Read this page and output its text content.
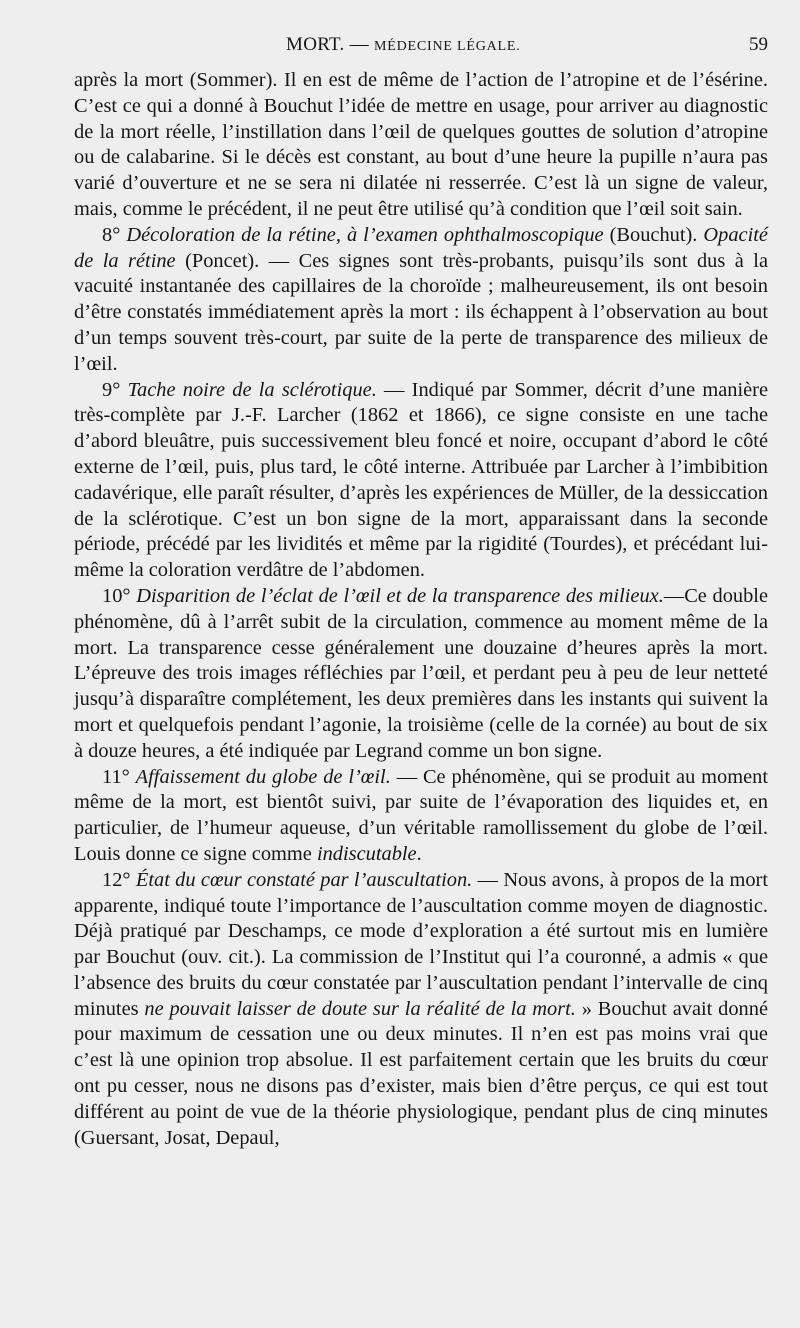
MORT. — MÉDECINE LÉGALE.	59

après la mort (Sommer). Il en est de même de l’action de l’atropine et de l’ésérine. C’est ce qui a donné à Bouchut l’idée de mettre en usage, pour arriver au diagnostic de la mort réelle, l’instillation dans l’œil de quelques gouttes de solution d’atropine ou de calabarine. Si le décès est constant, au bout d’une heure la pupille n’aura pas varié d’ouverture et ne se sera ni dilatée ni resserrée. C’est là un signe de valeur, mais, comme le précédent, il ne peut être utilisé qu’à condition que l’œil soit sain.

8° Décoloration de la rétine, à l’examen ophthalmoscopique (Bouchut). Opacité de la rétine (Poncet). — Ces signes sont très-probants, puisqu’ils sont dus à la vacuité instantanée des capillaires de la choroïde ; malheureusement, ils ont besoin d’être constatés immédiatement après la mort : ils échappent à l’observation au bout d’un temps souvent très-court, par suite de la perte de transparence des milieux de l’œil.

9° Tache noire de la sclérotique. — Indiqué par Sommer, décrit d’une manière très-complète par J.-F. Larcher (1862 et 1866), ce signe consiste en une tache d’abord bleuâtre, puis successivement bleu foncé et noire, occupant d’abord le côté externe de l’œil, puis, plus tard, le côté interne. Attribuée par Larcher à l’imbibition cadavérique, elle paraît résulter, d’après les expériences de Müller, de la dessiccation de la sclérotique. C’est un bon signe de la mort, apparaissant dans la seconde période, précédé par les lividités et même par la rigidité (Tourdes), et précédant lui-même la coloration verdâtre de l’abdomen.

10° Disparition de l’éclat de l’œil et de la transparence des milieux.—Ce double phénomène, dû à l’arrêt subit de la circulation, commence au moment même de la mort. La transparence cesse généralement une douzaine d’heures après la mort. L’épreuve des trois images réfléchies par l’œil, et perdant peu à peu de leur netteté jusqu’à disparaître complétement, les deux premières dans les instants qui suivent la mort et quelquefois pendant l’agonie, la troisième (celle de la cornée) au bout de six à douze heures, a été indiquée par Legrand comme un bon signe.

11° Affaissement du globe de l’œil. — Ce phénomène, qui se produit au moment même de la mort, est bientôt suivi, par suite de l’évaporation des liquides et, en particulier, de l’humeur aqueuse, d’un véritable ramollissement du globe de l’œil. Louis donne ce signe comme indiscutable.

12° État du cœur constaté par l’auscultation. — Nous avons, à propos de la mort apparente, indiqué toute l’importance de l’auscultation comme moyen de diagnostic. Déjà pratiqué par Deschamps, ce mode d’exploration a été surtout mis en lumière par Bouchut (ouv. cit.). La commission de l’Institut qui l’a couronné, a admis « que l’absence des bruits du cœur constatée par l’auscultation pendant l’intervalle de cinq minutes ne pouvait laisser de doute sur la réalité de la mort. » Bouchut avait donné pour maximum de cessation une ou deux minutes. Il n’en est pas moins vrai que c’est là une opinion trop absolue. Il est parfaitement certain que les bruits du cœur ont pu cesser, nous ne disons pas d’exister, mais bien d’être perçus, ce qui est tout différent au point de vue de la théorie physiologique, pendant plus de cinq minutes (Guersant, Josat, Depaul,
